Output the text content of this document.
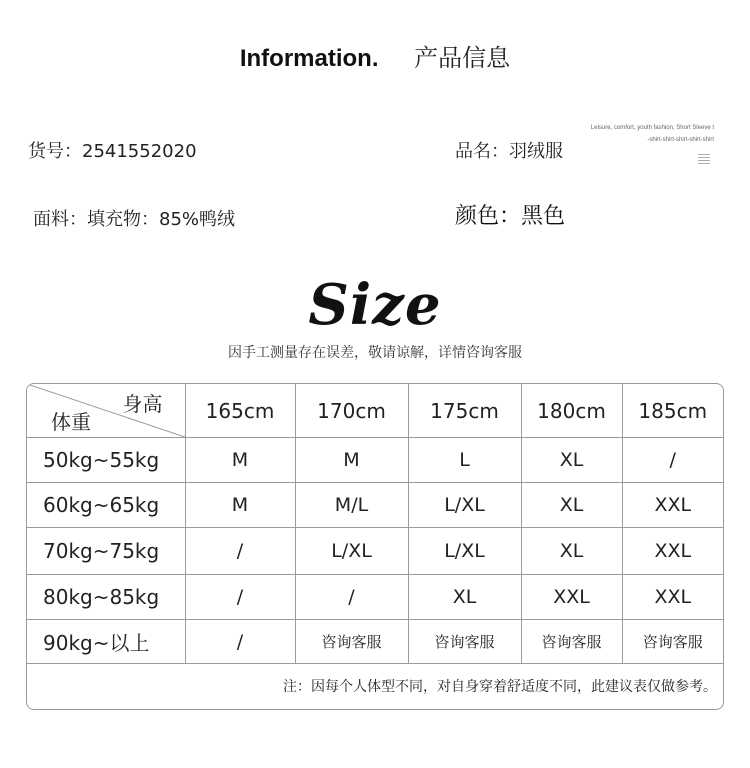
Information. 产品信息
货号：2541552020	品名：羽绒服
面料：填充物：85%鸭绒	颜色：黑色
Leisure, comfort, youth fashion, Short Sleeve t
-shirt-shirt-shirt-shirt-shirt
Size
因手工测量存在误差，敬请谅解，详情咨询客服
身高
体重	165cm	170cm	175cm	180cm	185cm
50kg~55kg	M	M	L	XL	/
60kg~65kg	M	M/L	L/XL	XL	XXL
70kg~75kg	/	L/XL	L/XL	XL	XXL
80kg~85kg	/	/	XL	XXL	XXL
90kg~以上	/	咨询客服	咨询客服	咨询客服	咨询客服
注：因每个人体型不同，对自身穿着舒适度不同，此建议表仅做参考。					
